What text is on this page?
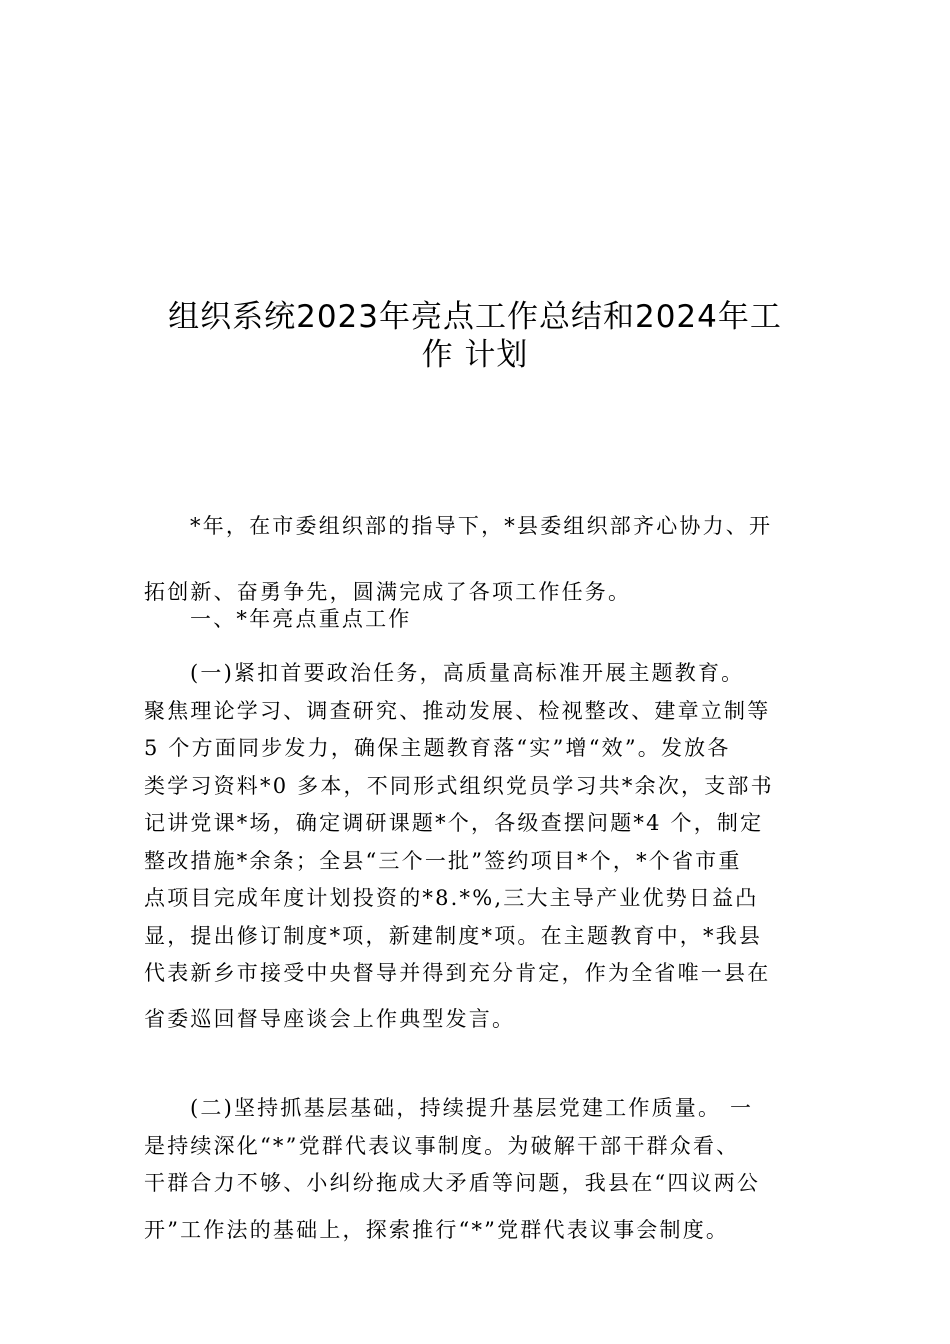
组织系统2023年亮点工作总结和2024年工
作 计划
*年，在市委组织部的指导下，*县委组织部齐心协力、开
拓创新、奋勇争先，圆满完成了各项工作任务。
一、*年亮点重点工作
(一)紧扣首要政治任务，高质量高标准开展主题教育。
聚焦理论学习、调查研究、推动发展、检视整改、建章立制等
5 个方面同步发力，确保主题教育落“实”增“效”。发放各
类学习资料*0 多本，不同形式组织党员学习共*余次，支部书
记讲党课*场，确定调研课题*个，各级查摆问题*4 个，制定
整改措施*余条；全县“三个一批”签约项目*个，*个省市重
点项目完成年度计划投资的*8.*%,三大主导产业优势日益凸
显，提出修订制度*项，新建制度*项。在主题教育中，*我县
代表新乡市接受中央督导并得到充分肯定，作为全省唯一县在
省委巡回督导座谈会上作典型发言。
(二)坚持抓基层基础，持续提升基层党建工作质量。 一
是持续深化“*”党群代表议事制度。为破解干部干群众看、
干群合力不够、小纠纷拖成大矛盾等问题，我县在“四议两公
开”工作法的基础上，探索推行“*”党群代表议事会制度。
